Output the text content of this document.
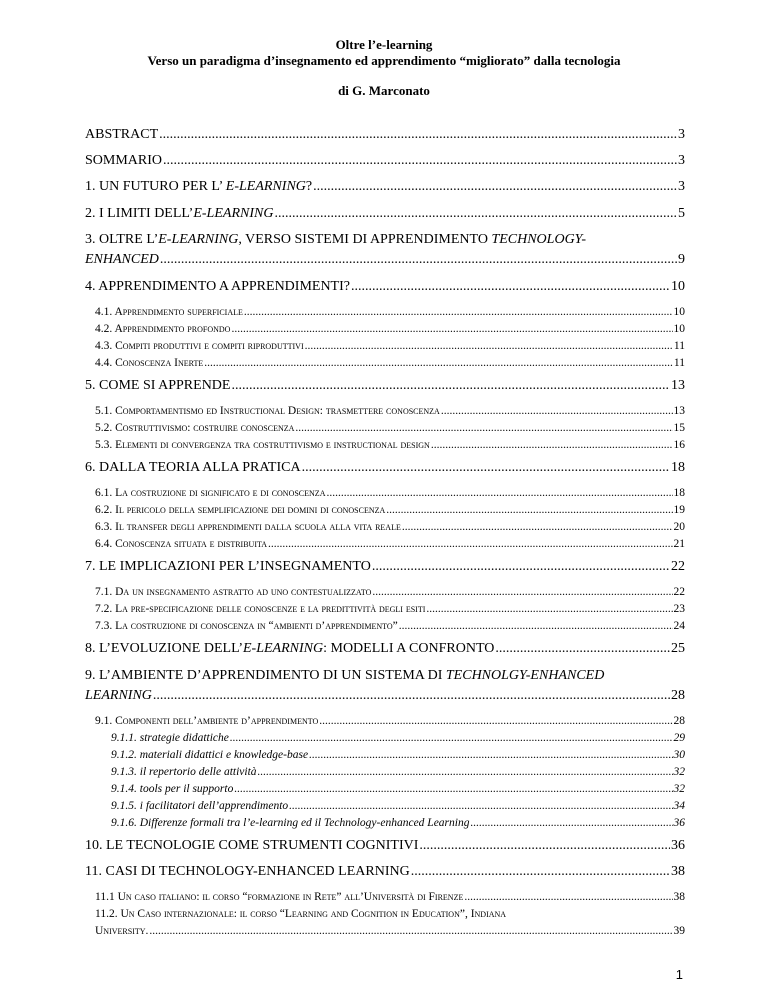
Oltre l’e-learning
Verso un paradigma d’insegnamento ed apprendimento “migliorato” dalla tecnologia
di G. Marconato
ABSTRACT .....	3
SOMMARIO .....	3
1. UN FUTURO PER L’ E-LEARNING? .....	3
2. I LIMITI DELL’E-LEARNING .....	5
3. OLTRE L’E-LEARNING, VERSO SISTEMI DI APPRENDIMENTO TECHNOLOGY-
ENHANCED .....	9
4. APPRENDIMENTO A APPRENDIMENTI? .....	10
4.1. Apprendimento superficiale .....	10
4.2. Apprendimento profondo .....	10
4.3. Compiti produttivi e compiti riproduttivi .....	11
4.4. Conoscenza Inerte .....	11
5. COME SI APPRENDE .....	13
5.1. Comportamentismo ed Instructional Design: trasmettere conoscenza .....	13
5.2. Costruttivismo: costruire conoscenza .....	15
5.3. Elementi di convergenza tra costruttivismo e instructional design .....	16
6. DALLA TEORIA ALLA PRATICA .....	18
6.1. La costruzione di significato e di conoscenza .....	18
6.2. Il pericolo della semplificazione dei domini di conoscenza .....	19
6.3. Il transfer degli apprendimenti dalla scuola alla vita reale .....	20
6.4. Conoscenza situata e distribuita .....	21
7. LE IMPLICAZIONI PER L’INSEGNAMENTO .....	22
7.1. Da un insegnamento astratto ad uno contestualizzato .....	22
7.2. La pre-specificazione delle conoscenze e la predittività degli esiti .....	23
7.3. La costruzione di conoscenza in “ambienti d’apprendimento” .....	24
8. L’EVOLUZIONE DELL’E-LEARNING: MODELLI A CONFRONTO .....	25
9. L’AMBIENTE D’APPRENDIMENTO DI UN SISTEMA DI TECHNOLGY-ENHANCED
LEARNING .....	28
9.1. Componenti dell’ambiente d’apprendimento .....	28
9.1.1. strategie didattiche .....	29
9.1.2. materiali didattici e knowledge-base .....	30
9.1.3. il repertorio delle attività .....	32
9.1.4. tools per il supporto .....	32
9.1.5. i facilitatori dell’apprendimento .....	34
9.1.6. Differenze formali tra l’e-learning ed il Technology-enhanced Learning .....	36
10. LE TECNOLOGIE COME STRUMENTI COGNITIVI .....	36
11. CASI DI TECHNOLOGY-ENHANCED LEARNING .....	38
11.1 Un caso italiano: il corso “formazione in Rete” all’Università di Firenze .....	38
11.2. Un Caso internazionale: il corso “Learning and Cognition in Education”, Indiana
University. .....	39
1
